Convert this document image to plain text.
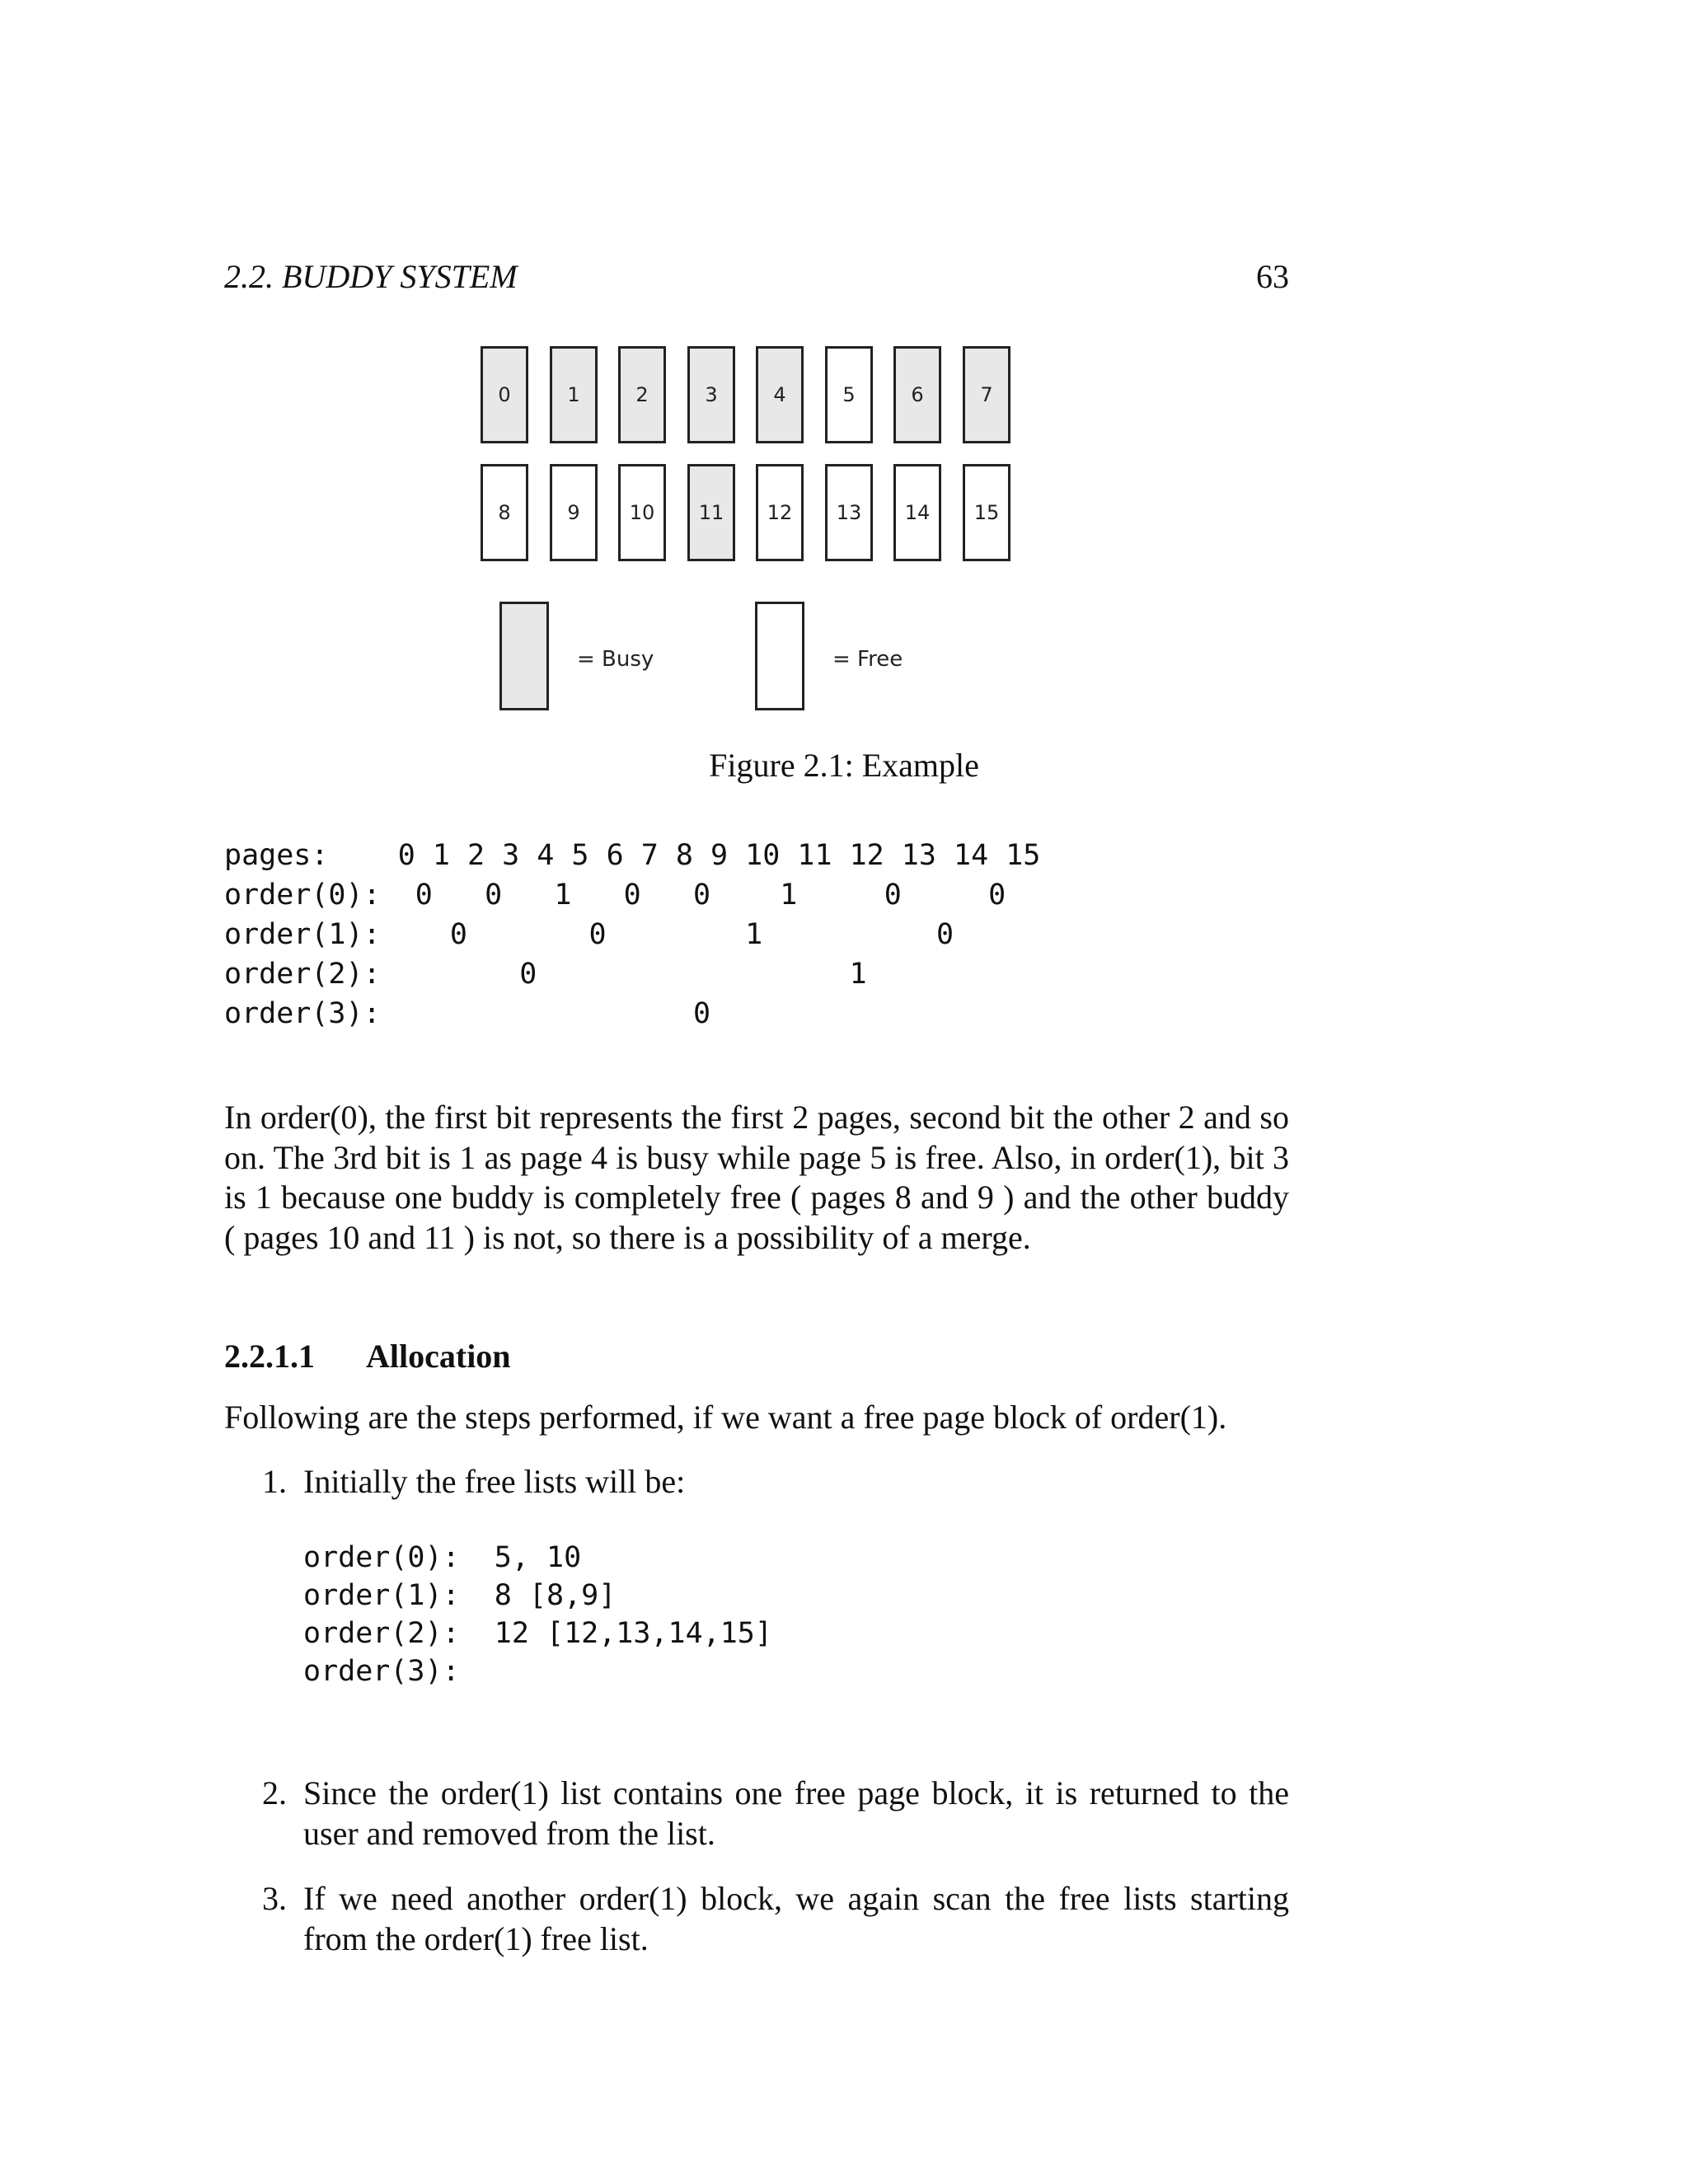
2.2. BUDDY SYSTEM	63
0	1	2	3	4	5	6	7
8	9	10	11	12	13	14	15
= Busy	= Free
Figure 2.1: Example
pages:    0 1 2 3 4 5 6 7 8 9 10 11 12 13 14 15
order(0):  0   0   1   0   0    1     0     0
order(1):    0       0        1          0
order(2):        0                  1
order(3):                  0

In order(0), the first bit represents the first 2 pages, second bit the other 2 and so on. The 3rd bit is 1 as page 4 is busy while page 5 is free. Also, in order(1), bit 3 is 1 because one buddy is completely free ( pages 8 and 9 ) and the other buddy ( pages 10 and 11 ) is not, so there is a possibility of a merge.

2.2.1.1 Allocation

Following are the steps performed, if we want a free page block of order(1).

1. Initially the free lists will be:
order(0):  5, 10
order(1):  8 [8,9]
order(2):  12 [12,13,14,15]
order(3):
2. Since the order(1) list contains one free page block, it is returned to the user and removed from the list.
3. If we need another order(1) block, we again scan the free lists starting from the order(1) free list.
